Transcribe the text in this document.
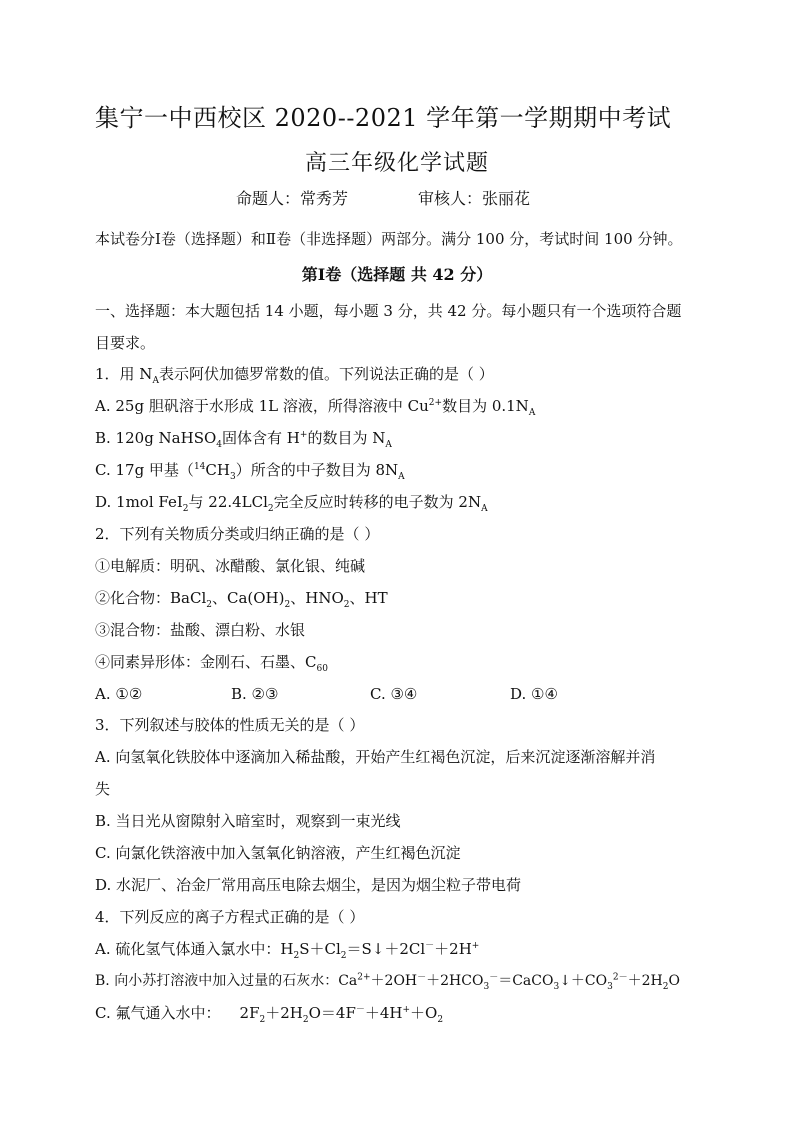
集宁一中西校区 2020--2021 学年第一学期期中考试
高三年级化学试题
命题人：常秀芳	审核人：张丽花
本试卷分Ⅰ卷（选择题）和Ⅱ卷（非选择题）两部分。满分 100 分，考试时间 100 分钟。
第Ⅰ卷（选择题 共 42 分）
一、选择题：本大题包括 14 小题，每小题 3 分，共 42 分。每小题只有一个选项符合题
目要求。
1．用 $N_A$表示阿伏加德罗常数的值。下列说法正确的是（ ）
A. 25g 胆矾溶于水形成 1L 溶液，所得溶液中 $Cu^{2+}$数目为 $0.1N_A$
B. 120g NaHSO$_4$固体含有 H+的数目为 $N_A$
C. 17g 甲基$(^{14}CH_3)$所含的中子数目为 $8N_A$
D. 1mol FeI$_2$与 22.4LCl$_2$完全反应时转移的电子数为 $2N_A$
2．下列有关物质分类或归纳正确的是（ ）
①电解质：明矾、冰醋酸、氯化银、纯碱
②化合物：BaCl$_2$、$Ca(OH)_2$、$HNO_2$、HT
③混合物：盐酸、漂白粉、水银
④同素异形体：金刚石、石墨、$C_{60}$
A. ①②	B. ②③	C. ③④	D. ①④
3．下列叙述与胶体的性质无关的是（ ）
A. 向氢氧化铁胶体中逐滴加入稀盐酸，开始产生红褐色沉淀，后来沉淀逐渐溶解并消
失
B. 当日光从窗隙射入暗室时，观察到一束光线
C. 向氯化铁溶液中加入氢氧化钠溶液，产生红褐色沉淀
D. 水泥厂、冶金厂常用高压电除去烟尘，是因为烟尘粒子带电荷
4．下列反应的离子方程式正确的是（ ）
A. 硫化氢气体通入氯水中：$H_2S+Cl_2=S↓+2Cl^-+2H^+$
B. 向小苏打溶液中加入过量的石灰水：$Ca^{2+}+2OH^-+2HCO_3^-=CaCO_3↓+CO_3^{2-}+2H_2O$
C. 氟气通入水中：    $2F_2+2H_2O=4F^-+4H^++O_2$
